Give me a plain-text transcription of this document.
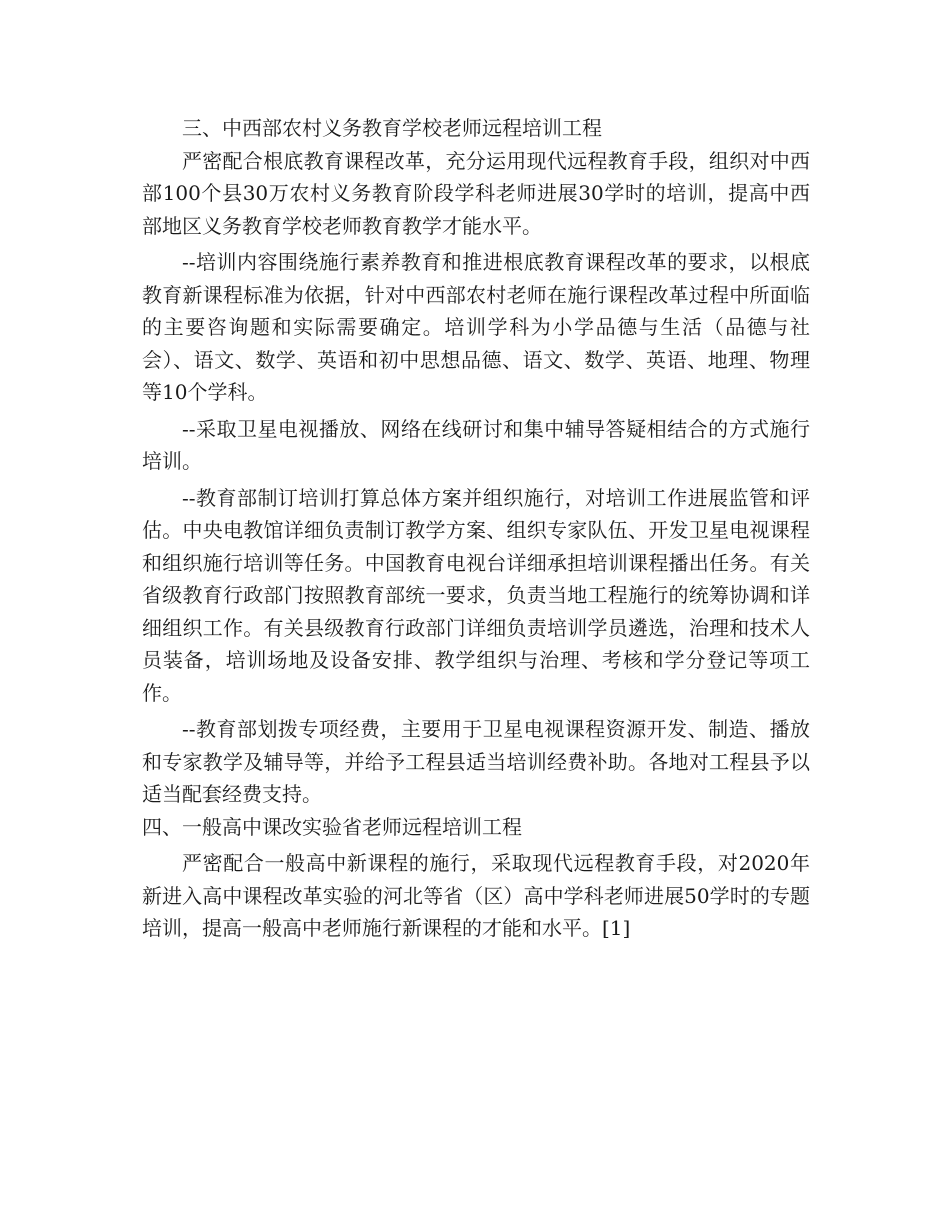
三、中西部农村义务教育学校老师远程培训工程

严密配合根底教育课程改革，充分运用现代远程教育手段，组织对中西部100个县30万农村义务教育阶段学科老师进展30学时的培训，提高中西部地区义务教育学校老师教育教学才能水平。

--培训内容围绕施行素养教育和推进根底教育课程改革的要求，以根底教育新课程标准为依据，针对中西部农村老师在施行课程改革过程中所面临的主要咨询题和实际需要确定。培训学科为小学品德与生活（品德与社会）、语文、数学、英语和初中思想品德、语文、数学、英语、地理、物理等10个学科。

--采取卫星电视播放、网络在线研讨和集中辅导答疑相结合的方式施行培训。

--教育部制订培训打算总体方案并组织施行，对培训工作进展监管和评估。中央电教馆详细负责制订教学方案、组织专家队伍、开发卫星电视课程和组织施行培训等任务。中国教育电视台详细承担培训课程播出任务。有关省级教育行政部门按照教育部统一要求，负责当地工程施行的统筹协调和详细组织工作。有关县级教育行政部门详细负责培训学员遴选，治理和技术人员装备，培训场地及设备安排、教学组织与治理、考核和学分登记等项工作。

--教育部划拨专项经费，主要用于卫星电视课程资源开发、制造、播放和专家教学及辅导等，并给予工程县适当培训经费补助。各地对工程县予以适当配套经费支持。

四、一般高中课改实验省老师远程培训工程

严密配合一般高中新课程的施行，采取现代远程教育手段，对2020年新进入高中课程改革实验的河北等省（区）高中学科老师进展50学时的专题培训，提高一般高中老师施行新课程的才能和水平。[1]
